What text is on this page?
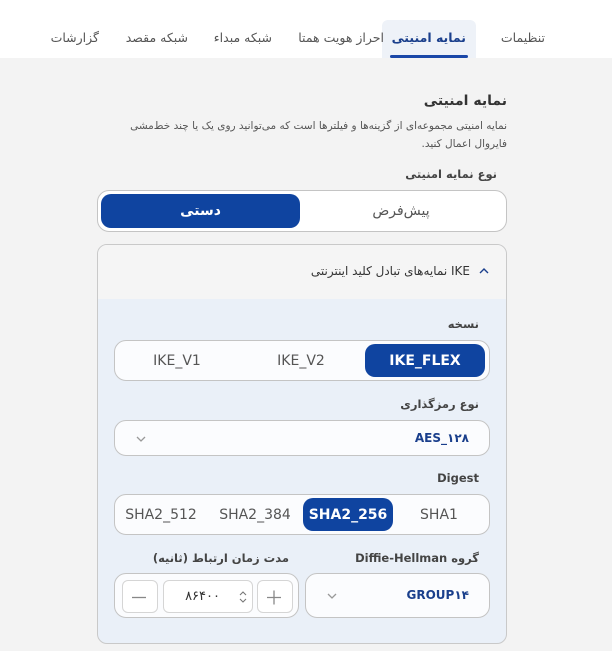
تنظیمات
نمایه امنیتی
احراز هویت همتا
شبکه مبداء
شبکه مقصد
گزارشات
نمایه امنیتی
نمایه امنیتی مجموعه‌ای از گزینه‌ها و فیلترها است که می‌توانید روی یک یا چند خط‌مشی فایروال اعمال کنید.
نوع نمایه امنیتی
پیش‌فرض
دستی
IKE نمایه‌های تبادل کلید اینترنتی
نسخه
IKE_FLEX
IKE_V2
IKE_V1
نوع رمزگذاری
AES_۱۲۸
Digest
SHA1
SHA2_256
SHA2_384
SHA2_512
گروه Diffie-Hellman
GROUP۱۴
مدت زمان ارتباط (ثانیه)
۸۶۴۰۰
